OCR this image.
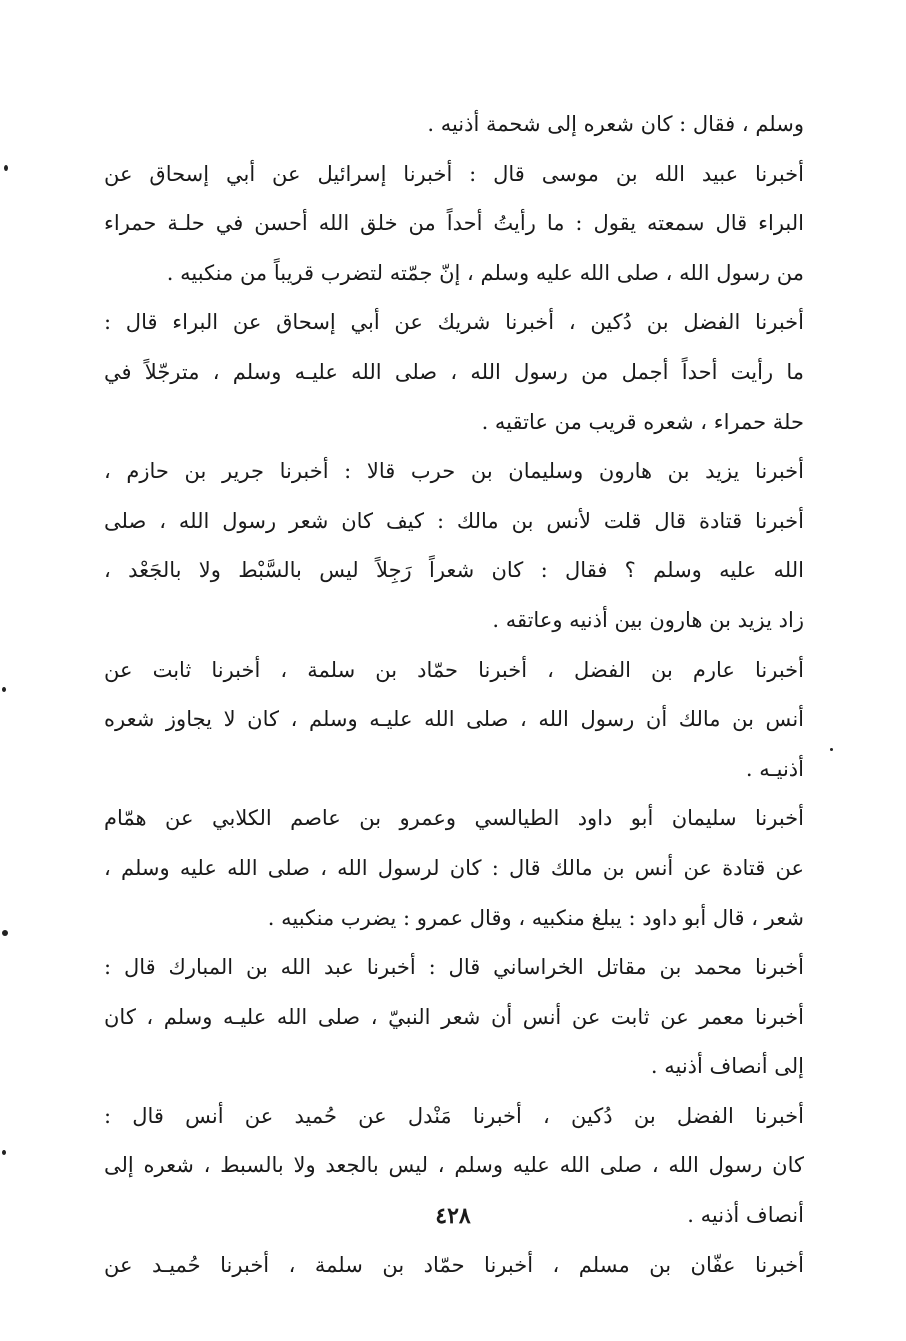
وسلم ، فقال : كان شعره إلى شحمة أذنيه .
أخبرنا عبيد الله بن موسى قال : أخبرنا إسرائيل عن أبي إسحاق عن
البراء قال سمعته يقول : ما رأيتُ أحداً من خلق الله أحسن في حلـة حمراء
من رسول الله ، صلى الله عليه وسلم ، إنّ جمّته لتضرب قريباً من منكبيه .
أخبرنا الفضل بن دُكين ، أخبرنا شريك عن أبي إسحاق عن البراء قال :
ما رأيت أحداً أجمل من رسول الله ، صلى الله عليـه وسلم ، مترجّلاً في
حلة حمراء ، شعره قريب من عاتقيه .
أخبرنا يزيد بن هارون وسليمان بن حرب قالا : أخبرنا جرير بن حازم ،
أخبرنا قتادة قال قلت لأنس بن مالك : كيف كان شعر رسول الله ، صلى
الله عليه وسلم ؟ فقال : كان شعراً رَجِلاً ليس بالسَّبْط ولا بالجَعْد ،
زاد يزيد بن هارون بين أذنيه وعاتقه .
أخبرنا عارم بن الفضل ، أخبرنا حمّاد بن سلمة ، أخبرنا ثابت عن
أنس بن مالك أن رسول الله ، صلى الله عليـه وسلم ، كان لا يجاوز شعره
أذنيـه .
أخبرنا سليمان أبو داود الطيالسي وعمرو بن عاصم الكلابي عن همّام
عن قتادة عن أنس بن مالك قال : كان لرسول الله ، صلى الله عليه وسلم ،
شعر ، قال أبو داود : يبلغ منكبيه ، وقال عمرو : يضرب منكبيه .
أخبرنا محمد بن مقاتل الخراساني قال : أخبرنا عبد الله بن المبارك قال :
أخبرنا معمر عن ثابت عن أنس أن شعر النبيّ ، صلى الله عليـه وسلم ، كان
إلى أنصاف أذنيه .
أخبرنا الفضل بن دُكين ، أخبرنا مَنْدل عن حُميد عن أنس قال :
كان رسول الله ، صلى الله عليه وسلم ، ليس بالجعد ولا بالسبط ، شعره إلى
أنصاف أذنيه .
أخبرنا عفّان بن مسلم ، أخبرنا حمّاد بن سلمة ، أخبرنا حُميـد عن
٤٢٨
